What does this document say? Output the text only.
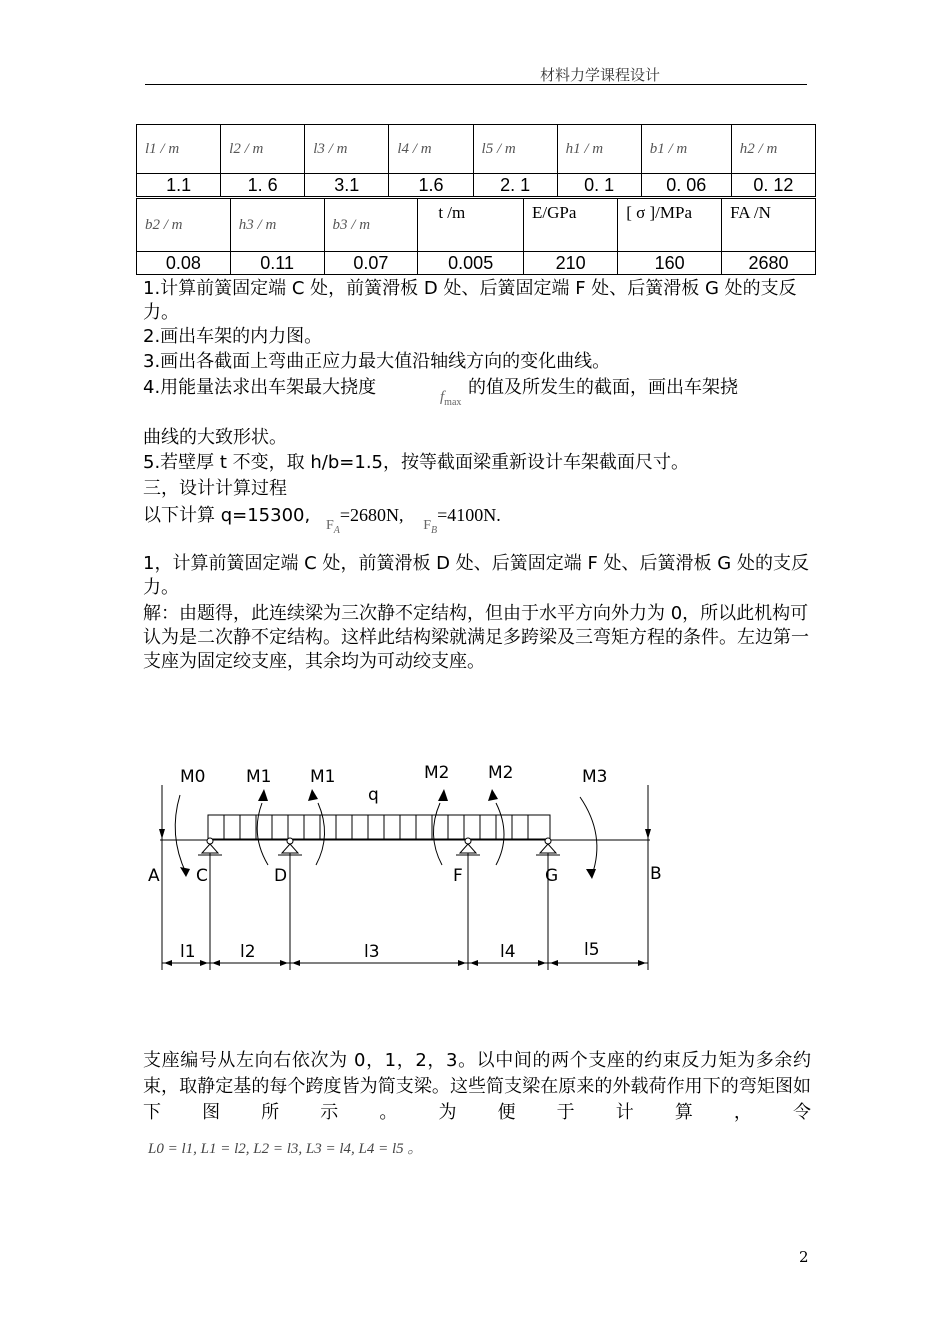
材料力学课程设计
l1 / m	l2 / m	l3 / m	l4 / m	l5 / m	h1 / m	b1 / m	h2 / m
1.1	1. 6	3.1	1.6	2. 1	0. 1	0. 06	0. 12
b2 / m	h3 / m	b3 / m	t /m	E/GPa	[ σ ]/MPa	FA /N
0.08	0.11	0.07	0.005	210	160	2680
1.计算前簧固定端 C 处，前簧滑板 D 处、后簧固定端 F 处、后簧滑板 G 处的支反力。
2.画出车架的内力图。
3.画出各截面上弯曲正应力最大值沿轴线方向的变化曲线。
4.用能量法求出车架最大挠度	$f_{max}$
的值及所发生的截面，画出车架挠
曲线的大致形状。
5.若壁厚 t 不变，取 h/b=1.5，按等截面梁重新设计车架截面尺寸。
三，设计计算过程
以下计算 q=15300, $_{F_A}$=2680N, $_{F_B}$=4100N.
1，计算前簧固定端 C 处，前簧滑板 D 处、后簧固定端 F 处、后簧滑板 G 处的支反力。
解：由题得，此连续梁为三次静不定结构，但由于水平方向外力为 0，所以此机构可认为是二次静不定结构。这样此结构梁就满足多跨梁及三弯矩方程的条件。左边第一支座为固定绞支座，其余均为可动绞支座。
M0 M1 M1	M2 M2	M3
q
A C	D	F	G	B
l1	l2	l3	l4	l5
支座编号从左向右依次为 0，1，2，3。以中间的两个支座的约束反力矩为多余约束，取静定基的每个跨度皆为简支梁。这些简支梁在原来的外载荷作用下的弯矩图如下图所示。为便于计算，令
L0 = l1, L1 = l2, L2 = l3, L3 = l4, L4 = l5 。
2
